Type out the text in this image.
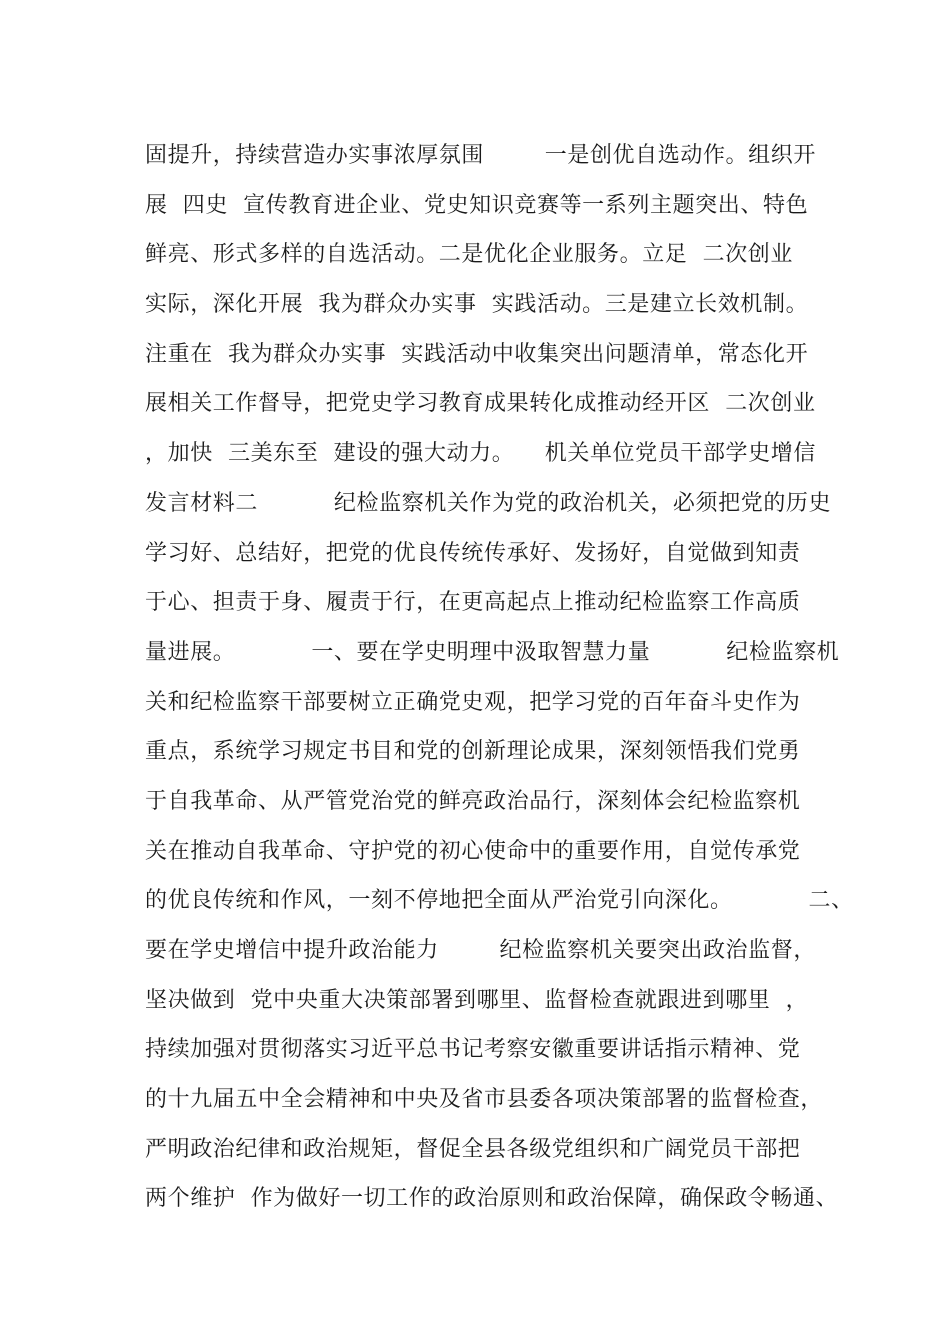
固提升，持续营造办实事浓厚氛围        一是创优自选动作。组织开
展  四史  宣传教育进企业、党史知识竞赛等一系列主题突出、特色
鲜亮、形式多样的自选活动。二是优化企业服务。立足  二次创业
实际，深化开展  我为群众办实事  实践活动。三是建立长效机制。
注重在  我为群众办实事  实践活动中收集突出问题清单，常态化开
展相关工作督导，把党史学习教育成果转化成推动经开区  二次创业
，加快  三美东至  建设的强大动力。    机关单位党员干部学史增信
发言材料二          纪检监察机关作为党的政治机关，必须把党的历史
学习好、总结好，把党的优良传统传承好、发扬好，自觉做到知责
于心、担责于身、履责于行，在更高起点上推动纪检监察工作高质
量进展。          一、要在学史明理中汲取智慧力量          纪检监察机
关和纪检监察干部要树立正确党史观，把学习党的百年奋斗史作为
重点，系统学习规定书目和党的创新理论成果，深刻领悟我们党勇
于自我革命、从严管党治党的鲜亮政治品行，深刻体会纪检监察机
关在推动自我革命、守护党的初心使命中的重要作用，自觉传承党
的优良传统和作风，一刻不停地把全面从严治党引向深化。          二、
要在学史增信中提升政治能力        纪检监察机关要突出政治监督，
坚决做到  党中央重大决策部署到哪里、监督检查就跟进到哪里  ，
持续加强对贯彻落实习近平总书记考察安徽重要讲话指示精神、党
的十九届五中全会精神和中央及省市县委各项决策部署的监督检查，
严明政治纪律和政治规矩，督促全县各级党组织和广阔党员干部把
两个维护  作为做好一切工作的政治原则和政治保障，确保政令畅通、
